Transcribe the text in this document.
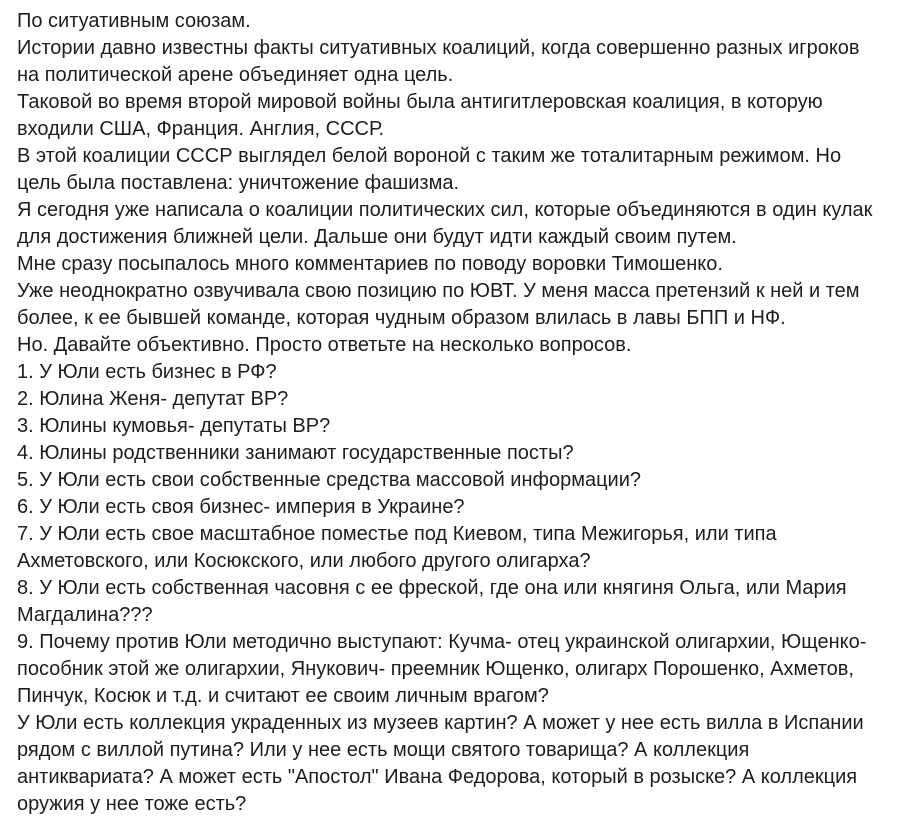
По ситуативным союзам.

Истории давно известны факты ситуативных коалиций, когда совершенно разных игроков

на политической арене объединяет одна цель.

Таковой во время второй мировой войны была антигитлеровская коалиция, в которую

входили США, Франция. Англия, СССР.

В этой коалиции СССР выглядел белой вороной с таким же тоталитарным режимом. Но

цель была поставлена: уничтожение фашизма.

Я сегодня уже написала о коалиции политических сил, которые объединяются в один кулак

для достижения ближней цели. Дальше они будут идти каждый своим путем.

Мне сразу посыпалось много комментариев по поводу воровки Тимошенко.

Уже неоднократно озвучивала свою позицию по ЮВТ. У меня масса претензий к ней и тем

более, к ее бывшей команде, которая чудным образом влилась в лавы БПП и НФ.

Но. Давайте объективно. Просто ответьте на несколько вопросов.

1. У Юли есть бизнес в РФ?

2. Юлина Женя- депутат ВР?

3. Юлины кумовья- депутаты ВР?

4. Юлины родственники занимают государственные посты?

5. У Юли есть свои собственные средства массовой информации?

6. У Юли есть своя бизнес- империя в Украине?

7. У Юли есть свое масштабное поместье под Киевом, типа Межигорья, или типа

Ахметовского, или Косюкского, или любого другого олигарха?

8. У Юли есть собственная часовня с ее фреской, где она или княгиня Ольга, или Мария

Магдалина???

9. Почему против Юли методично выступают: Кучма- отец украинской олигархии, Ющенко-

пособник этой же олигархии, Янукович- преемник Ющенко, олигарх Порошенко, Ахметов,

Пинчук, Косюк и т.д. и считают ее своим личным врагом?

У Юли есть коллекция украденных из музеев картин? А может у нее есть вилла в Испании

рядом с виллой путина? Или у нее есть мощи святого товарища? А коллекция

антиквариата? А может есть "Апостол" Ивана Федорова, который в розыске? А коллекция

оружия у нее тоже есть?
